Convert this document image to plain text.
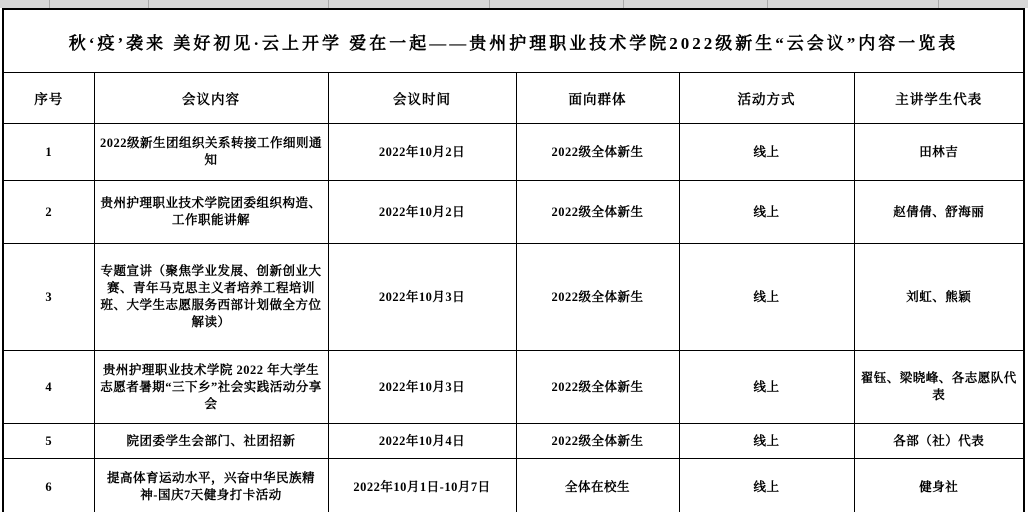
秋‘疫’袭来 美好初见·云上开学 爱在一起——贵州护理职业技术学院2022级新生“云会议”内容一览表					
序号	会议内容	会议时间	面向群体	活动方式	主讲学生代表
1	2022级新生团组织关系转接工作细则通知	2022年10月2日	2022级全体新生	线上	田林吉
2	贵州护理职业技术学院团委组织构造、工作职能讲解	2022年10月2日	2022级全体新生	线上	赵倩倩、舒海丽
3	专题宣讲（聚焦学业发展、创新创业大赛、青年马克思主义者培养工程培训班、大学生志愿服务西部计划做全方位解读）	2022年10月3日	2022级全体新生	线上	刘虹、熊颖
4	贵州护理职业技术学院 2022 年大学生志愿者暑期“三下乡”社会实践活动分享会	2022年10月3日	2022级全体新生	线上	翟钰、梁晓峰、各志愿队代表
5	院团委学生会部门、社团招新	2022年10月4日	2022级全体新生	线上	各部（社）代表
6	提高体育运动水平，兴奋中华民族精神-国庆7天健身打卡活动	2022年10月1日-10月7日	全体在校生	线上	健身社
